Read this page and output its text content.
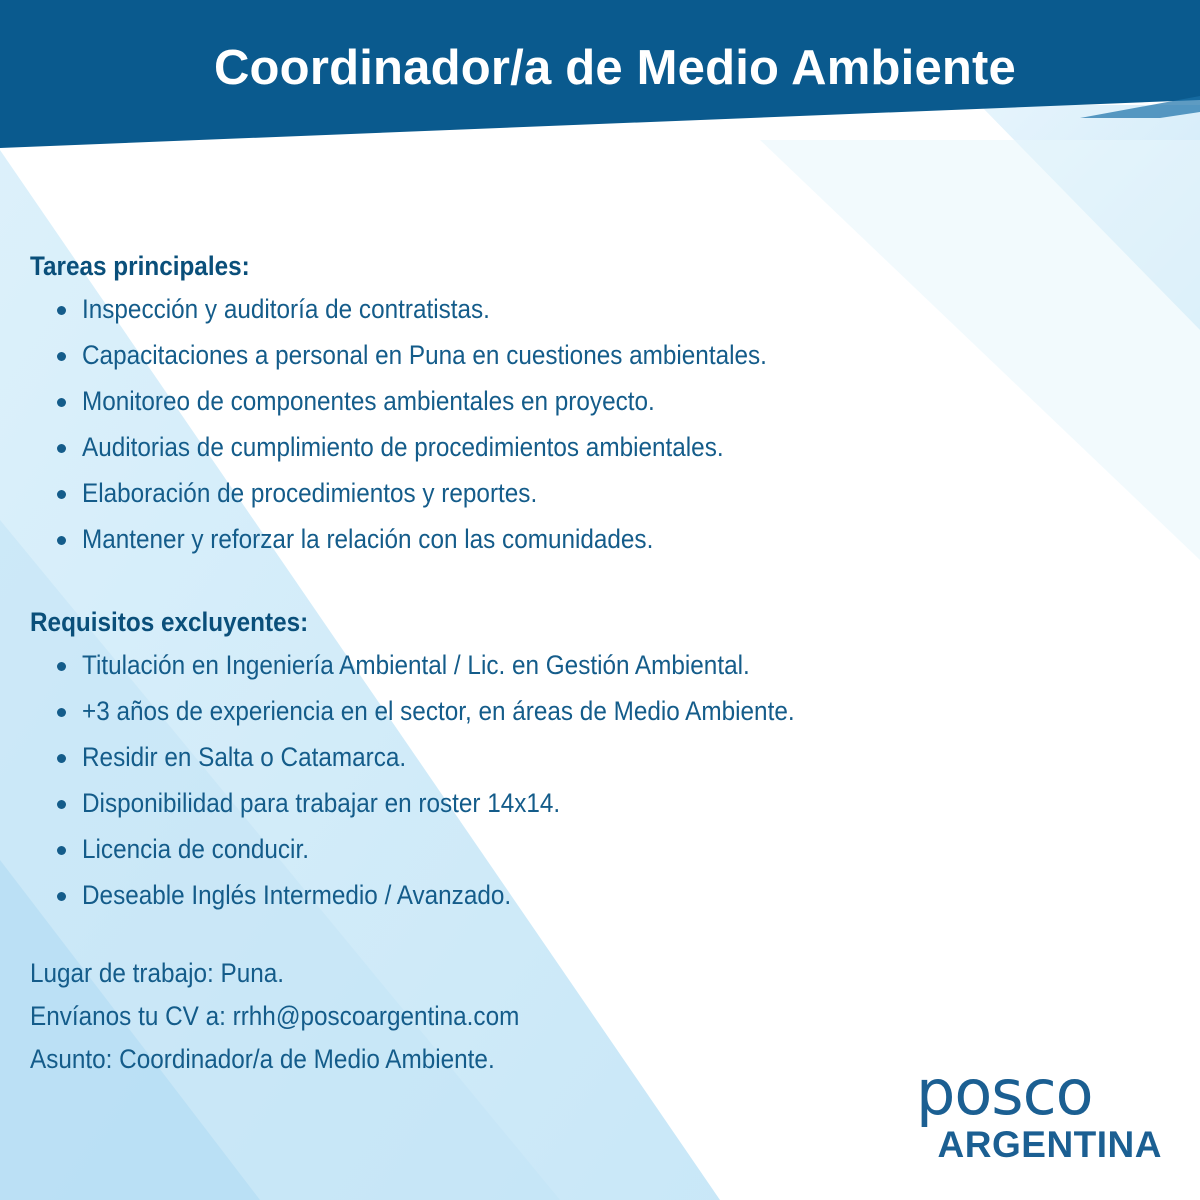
Coordinador/a de Medio Ambiente
Tareas principales:
Inspección y auditoría de contratistas.
Capacitaciones a personal en Puna en cuestiones ambientales.
Monitoreo de componentes ambientales en proyecto.
Auditorias de cumplimiento de procedimientos ambientales.
Elaboración de procedimientos y reportes.
Mantener y reforzar la relación con las comunidades.
Requisitos excluyentes:
Titulación en Ingeniería Ambiental / Lic. en Gestión Ambiental.
+3 años de experiencia en el sector, en áreas de Medio Ambiente.
Residir en Salta o Catamarca.
Disponibilidad para trabajar en roster 14x14.
Licencia de conducir.
Deseable Inglés Intermedio / Avanzado.
Lugar de trabajo: Puna.
Envíanos tu CV a: rrhh@poscoargentina.com
Asunto: Coordinador/a de Medio Ambiente.	posco
ARGENTINA
